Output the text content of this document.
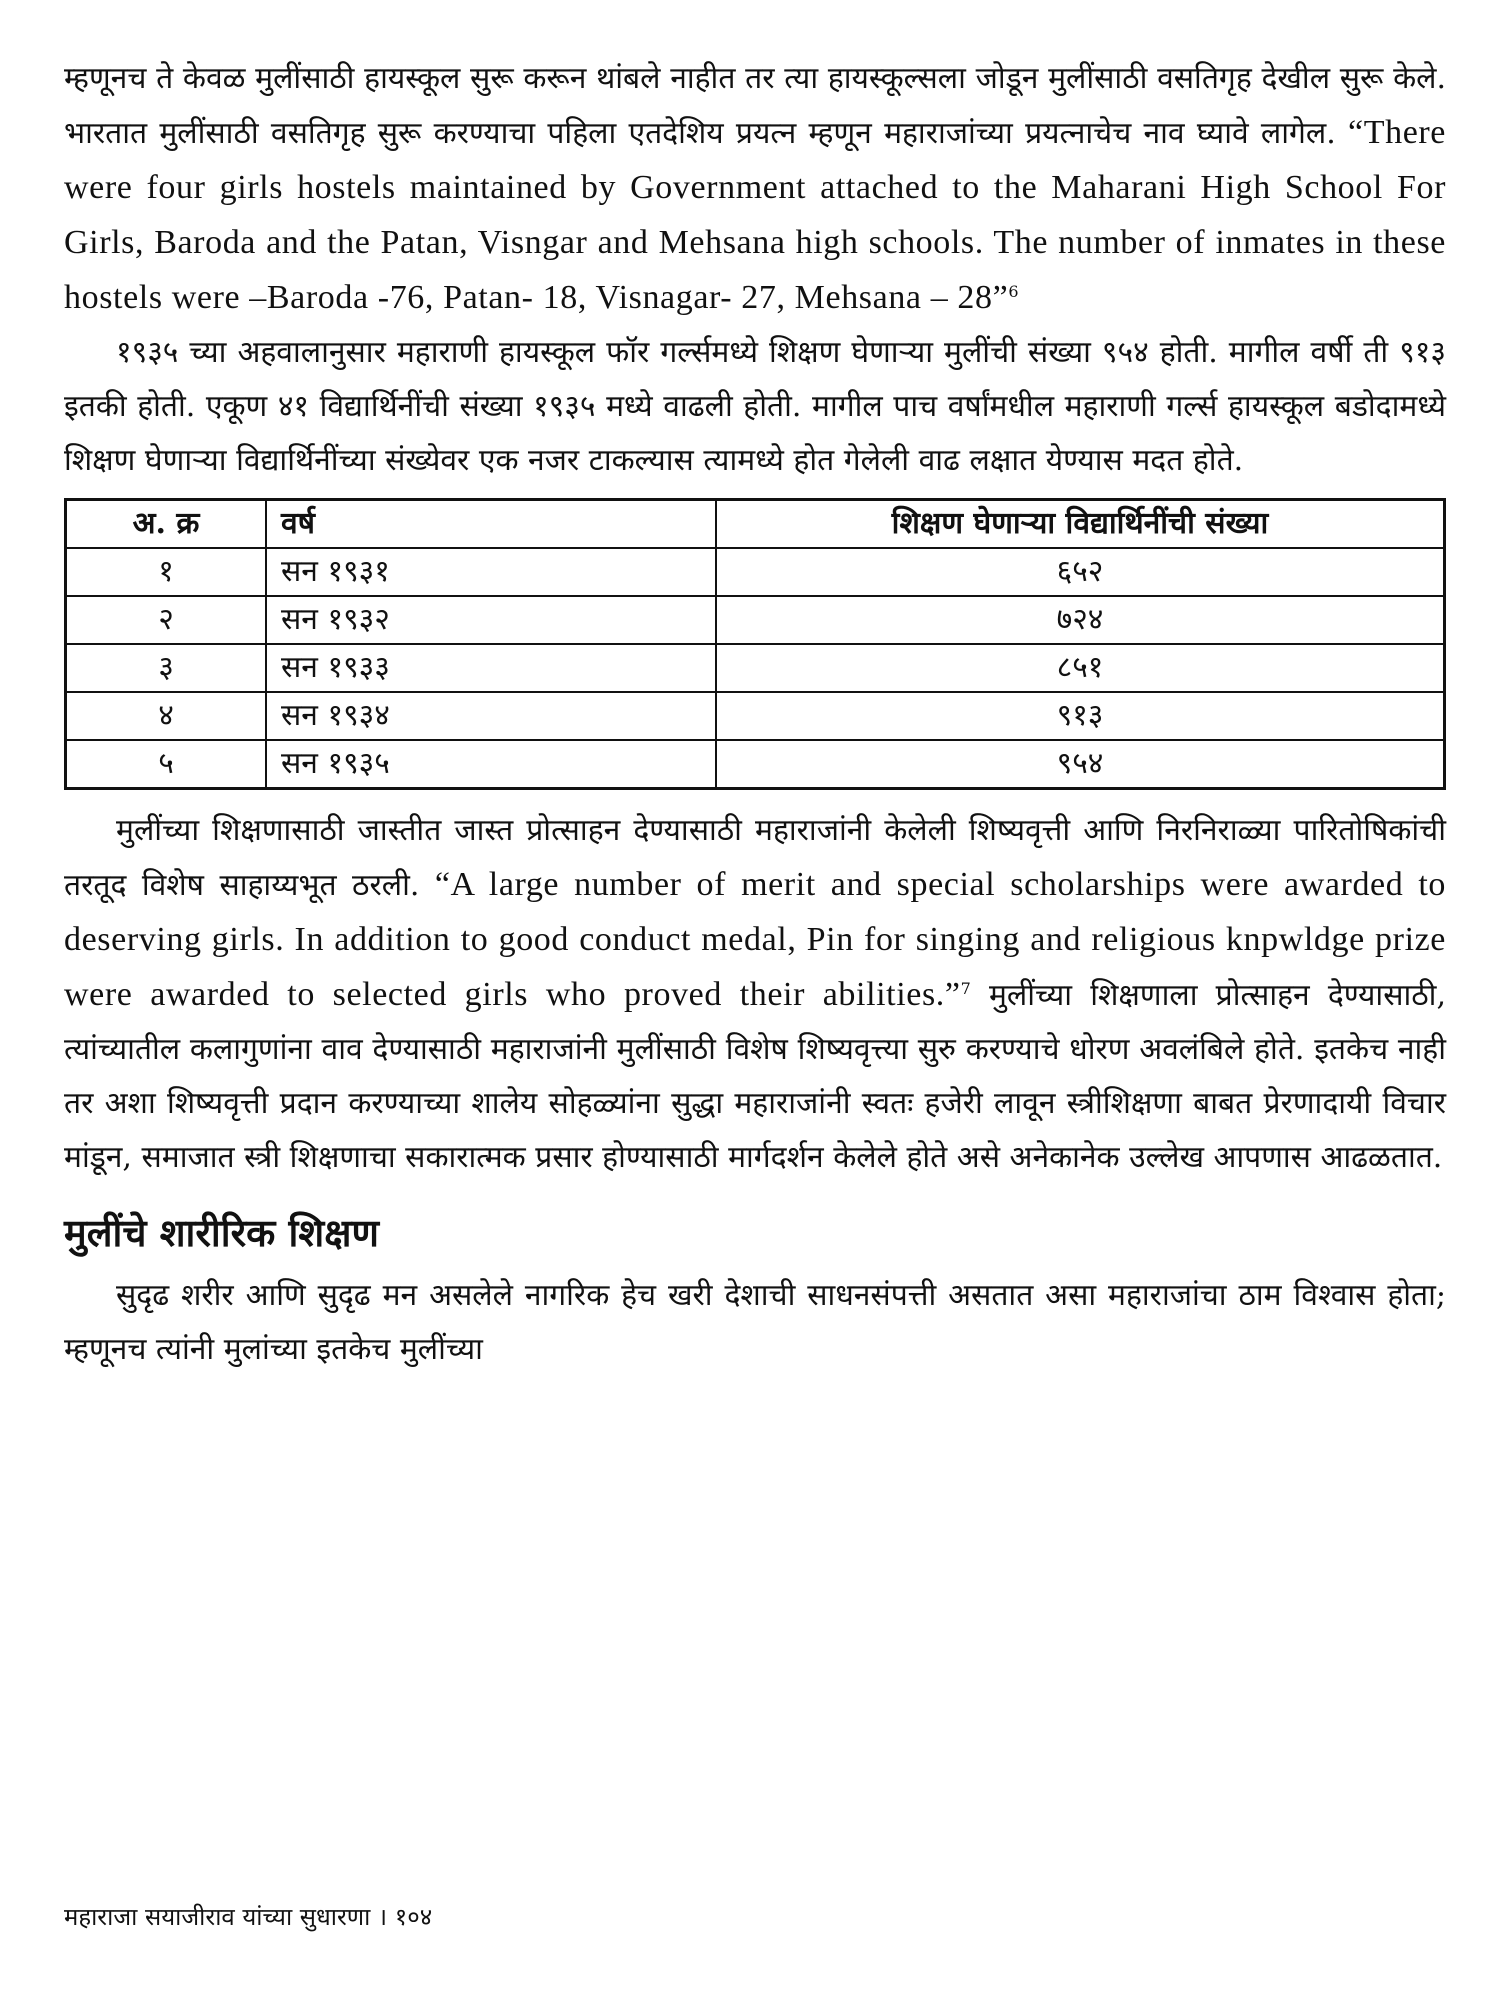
म्हणूनच ते केवळ मुलींसाठी हायस्कूल सुरू करून थांबले नाहीत तर त्या हायस्कूल्सला जोडून मुलींसाठी वसतिगृह देखील सुरू केले. भारतात मुलींसाठी वसतिगृह सुरू करण्याचा पहिला एतदेशिय प्रयत्न म्हणून महाराजांच्या प्रयत्नाचेच नाव घ्यावे लागेल. “There were four girls hostels maintained by Government attached to the Maharani High School For Girls, Baroda and the Patan, Visngar and Mehsana high schools. The number of inmates in these hostels were –Baroda -76, Patan- 18, Visnagar- 27, Mehsana – 28”$^6$

१९३५ च्या अहवालानुसार महाराणी हायस्कूल फॉर गर्ल्समध्ये शिक्षण घेणाऱ्या मुलींची संख्या ९५४ होती. मागील वर्षी ती ९१३ इतकी होती. एकूण ४१ विद्यार्थिनींची संख्या १९३५ मध्ये वाढली होती. मागील पाच वर्षांमधील महाराणी गर्ल्स हायस्कूल बडोदामध्ये शिक्षण घेणाऱ्या विद्यार्थिनींच्या संख्येवर एक नजर टाकल्यास त्यामध्ये होत गेलेली वाढ लक्षात येण्यास मदत होते.

अ. क्र	वर्ष	शिक्षण घेणाऱ्या विद्यार्थिनींची संख्या
१	सन १९३१	६५२
२	सन १९३२	७२४
३	सन १९३३	८५१
४	सन १९३४	९१३
५	सन १९३५	९५४

मुलींच्या शिक्षणासाठी जास्तीत जास्त प्रोत्साहन देण्यासाठी महाराजांनी केलेली शिष्यवृत्ती आणि निरनिराळ्या पारितोषिकांची तरतूद विशेष साहाय्यभूत ठरली. “A large number of merit and special scholarships were awarded to deserving girls. In addition to good conduct medal, Pin for singing and religious knpwldge prize were awarded to selected girls who proved their abilities.”$^7$ मुलींच्या शिक्षणाला प्रोत्साहन देण्यासाठी, त्यांच्यातील कलागुणांना वाव देण्यासाठी महाराजांनी मुलींसाठी विशेष शिष्यवृत्त्या सुरु करण्याचे धोरण अवलंबिले होते. इतकेच नाही तर अशा शिष्यवृत्ती प्रदान करण्याच्या शालेय सोहळ्यांना सुद्धा महाराजांनी स्वतः हजेरी लावून स्त्रीशिक्षणा बाबत प्रेरणादायी विचार मांडून, समाजात स्त्री शिक्षणाचा सकारात्मक प्रसार होण्यासाठी मार्गदर्शन केलेले होते असे अनेकानेक उल्लेख आपणास आढळतात.

मुलींचे शारीरिक शिक्षण

सुदृढ शरीर आणि सुदृढ मन असलेले नागरिक हेच खरी देशाची साधनसंपत्ती असतात असा महाराजांचा ठाम विश्वास होता; म्हणूनच त्यांनी मुलांच्या इतकेच मुलींच्या

महाराजा सयाजीराव यांच्या सुधारणा । १०४
